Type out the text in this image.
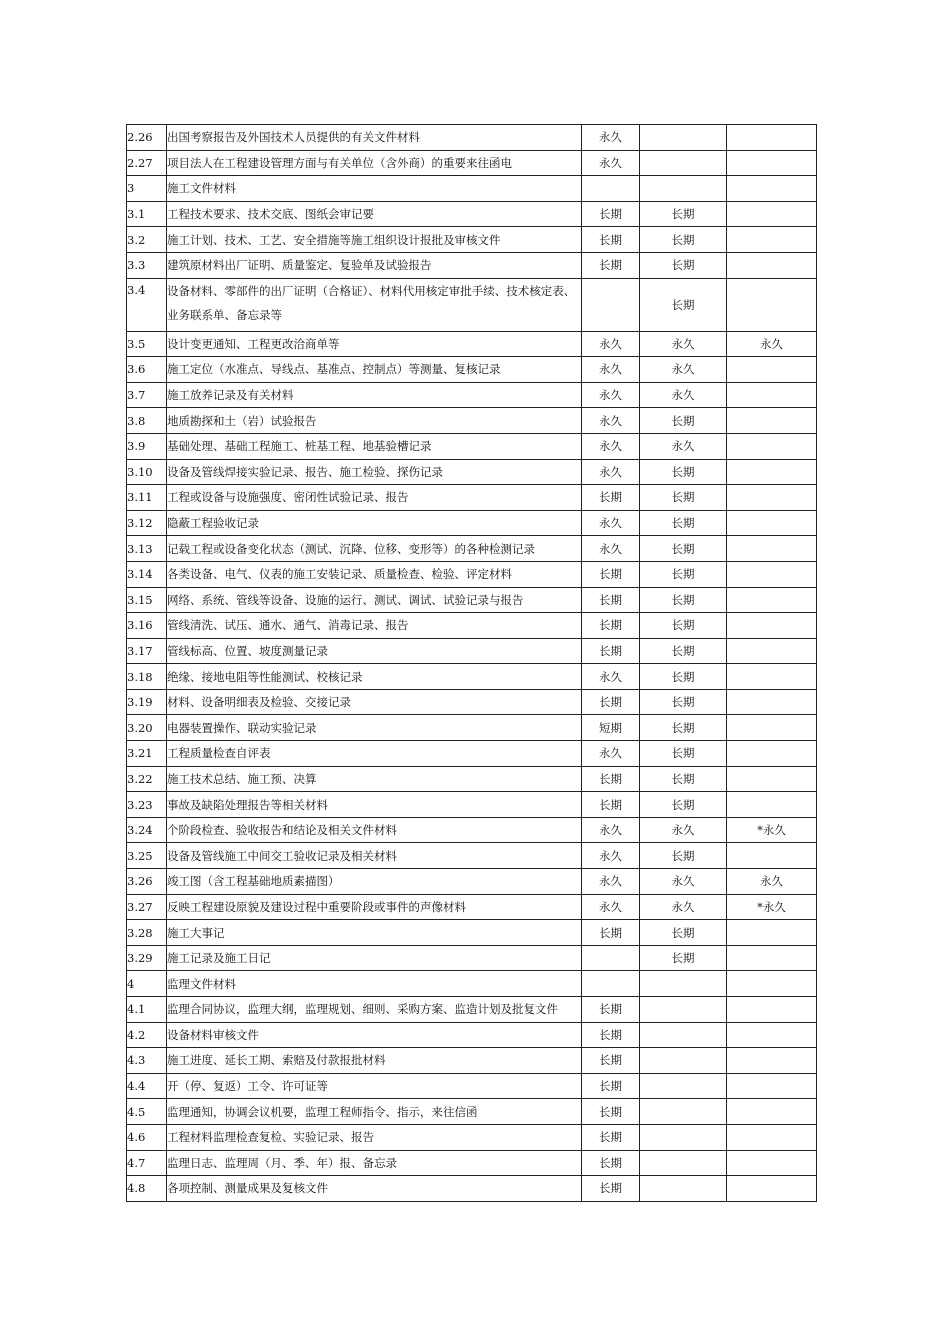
2.26	出国考察报告及外国技术人员提供的有关文件材料	永久		
2.27	项目法人在工程建设管理方面与有关单位（含外商）的重要来往函电	永久		
3	施工文件材料			
3.1	工程技术要求、技术交底、图纸会审记要	长期	长期	
3.2	施工计划、技术、工艺、安全措施等施工组织设计报批及审核文件	长期	长期	
3.3	建筑原材料出厂证明、质量鉴定、复验单及试验报告	长期	长期	
3.4	设备材料、零部件的出厂证明（合格证）、材料代用核定审批手续、技术核定表、业务联系单、备忘录等		长期	
3.5	设计变更通知、工程更改洽商单等	永久	永久	永久
3.6	施工定位（水准点、导线点、基准点、控制点）等测量、复核记录	永久	永久	
3.7	施工放养记录及有关材料	永久	永久	
3.8	地质勘探和土（岩）试验报告	永久	长期	
3.9	基础处理、基础工程施工、桩基工程、地基验槽记录	永久	永久	
3.10	设备及管线焊接实验记录、报告、施工检验、探伤记录	永久	长期	
3.11	工程或设备与设施强度、密闭性试验记录、报告	长期	长期	
3.12	隐蔽工程验收记录	永久	长期	
3.13	记载工程或设备变化状态（测试、沉降、位移、变形等）的各种检测记录	永久	长期	
3.14	各类设备、电气、仪表的施工安装记录、质量检查、检验、评定材料	长期	长期	
3.15	网络、系统、管线等设备、设施的运行、测试、调试、试验记录与报告	长期	长期	
3.16	管线清洗、试压、通水、通气、消毒记录、报告	长期	长期	
3.17	管线标高、位置、坡度测量记录	长期	长期	
3.18	绝缘、接地电阻等性能测试、校核记录	永久	长期	
3.19	材料、设备明细表及检验、交接记录	长期	长期	
3.20	电器装置操作、联动实验记录	短期	长期	
3.21	工程质量检查自评表	永久	长期	
3.22	施工技术总结、施工预、决算	长期	长期	
3.23	事故及缺陷处理报告等相关材料	长期	长期	
3.24	个阶段检查、验收报告和结论及相关文件材料	永久	永久	*永久
3.25	设备及管线施工中间交工验收记录及相关材料	永久	长期	
3.26	竣工图（含工程基础地质素描图）	永久	永久	永久
3.27	反映工程建设原貌及建设过程中重要阶段或事件的声像材料	永久	永久	*永久
3.28	施工大事记	长期	长期	
3.29	施工记录及施工日记		长期	
4	监理文件材料			
4.1	监理合同协议，监理大纲，监理规划、细则、采购方案、监造计划及批复文件	长期		
4.2	设备材料审核文件	长期		
4.3	施工进度、延长工期、索赔及付款报批材料	长期		
4.4	开（停、复返）工令、许可证等	长期		
4.5	监理通知，协调会议机要，监理工程师指令、指示，来往信函	长期		
4.6	工程材料监理检查复检、实验记录、报告	长期		
4.7	监理日志、监理周（月、季、年）报、备忘录	长期		
4.8	各项控制、测量成果及复核文件	长期		
